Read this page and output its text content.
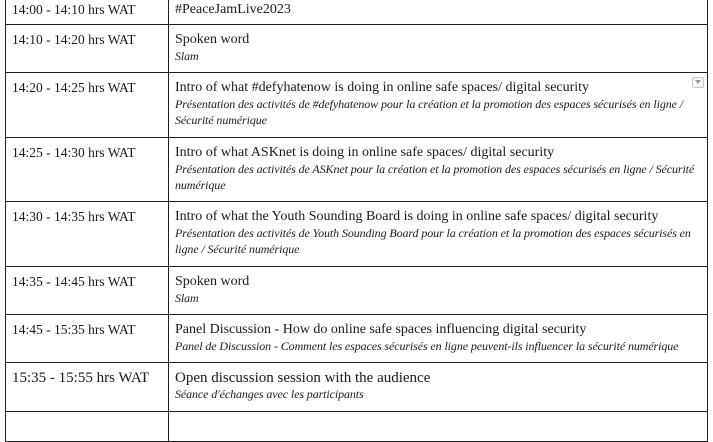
14:00 - 14:10 hrs WAT	#PeaceJamLive2023

14:10 - 14:20 hrs WAT	Spoken word
Slam

14:20 - 14:25 hrs WAT	Intro of what #defyhatenow is doing in online safe spaces/ digital security
Présentation des activités de #defyhatenow pour la création et la promotion des espaces sécurisés en ligne / Sécurité numérique

14:25 - 14:30 hrs WAT	Intro of what ASKnet is doing in online safe spaces/ digital security
Présentation des activités de ASKnet pour la création et la promotion des espaces sécurisés en ligne / Sécurité numérique

14:30 - 14:35 hrs WAT	Intro of what the Youth Sounding Board is doing in online safe spaces/ digital security
Présentation des activités de Youth Sounding Board pour la création et la promotion des espaces sécurisés en ligne / Sécurité numérique

14:35 - 14:45 hrs WAT	Spoken word
Slam

14:45 - 15:35 hrs WAT	Panel Discussion - How do online safe spaces influencing digital security
Panel de Discussion - Comment les espaces sécurisés en ligne peuvent-ils influencer la sécurité numérique

15:35 - 15:55 hrs WAT	Open discussion session with the audience
Séance d'échanges avec les participants
